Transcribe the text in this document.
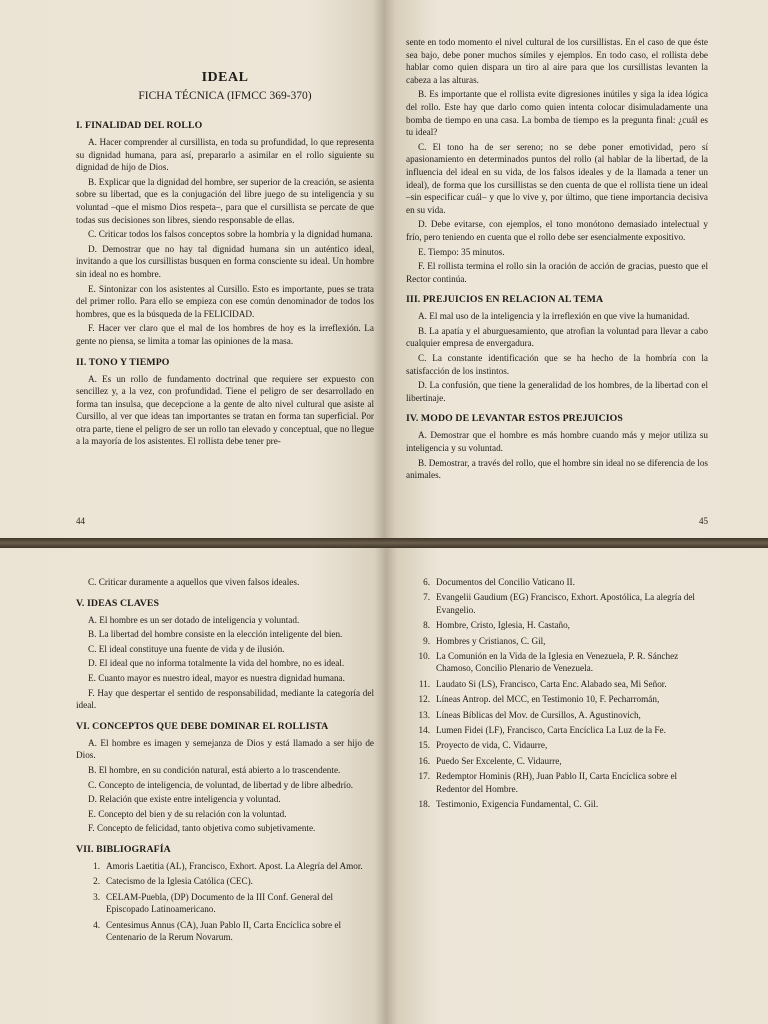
IDEAL
FICHA TÉCNICA (IFMCC 369-370)
I. FINALIDAD DEL ROLLO

A. Hacer comprender al cursillista, en toda su profundidad, lo que representa su dignidad humana, para así, prepararlo a asimilar en el rollo siguiente su dignidad de hijo de Dios.

B. Explicar que la dignidad del hombre, ser superior de la creación, se asienta sobre su libertad, que es la conjugación del libre juego de su inteligencia y su voluntad –que el mismo Dios respeta–, para que el cursillista se percate de que todas sus decisiones son libres, siendo responsable de ellas.

C. Criticar todos los falsos conceptos sobre la hombría y la dignidad humana.

D. Demostrar que no hay tal dignidad humana sin un auténtico ideal, invitando a que los cursillistas busquen en forma consciente su ideal. Un hombre sin ideal no es hombre.

E. Sintonizar con los asistentes al Cursillo. Esto es importante, pues se trata del primer rollo. Para ello se empieza con ese común denominador de todos los hombres, que es la búsqueda de la FELICIDAD.

F. Hacer ver claro que el mal de los hombres de hoy es la irreflexión. La gente no piensa, se limita a tomar las opiniones de la masa.

II. TONO Y TIEMPO

A. Es un rollo de fundamento doctrinal que requiere ser expuesto con sencillez y, a la vez, con profundidad. Tiene el peligro de ser desarrollado en forma tan insulsa, que decepcione a la gente de alto nivel cultural que asiste al Cursillo, al ver que ideas tan importantes se tratan en forma tan superficial. Por otra parte, tiene el peligro de ser un rollo tan elevado y conceptual, que no llegue a la mayoría de los asistentes. El rollista debe tener pre-

44

sente en todo momento el nivel cultural de los cursillistas. En el caso de que éste sea bajo, debe poner muchos símiles y ejemplos. En todo caso, el rollista debe hablar como quien dispara un tiro al aire para que los cursillistas levanten la cabeza a las alturas.

B. Es importante que el rollista evite digresiones inútiles y siga la idea lógica del rollo. Este hay que darlo como quien intenta colocar disimuladamente una bomba de tiempo en una casa. La bomba de tiempo es la pregunta final: ¿cuál es tu ideal?

C. El tono ha de ser sereno; no se debe poner emotividad, pero sí apasionamiento en determinados puntos del rollo (al hablar de la libertad, de la influencia del ideal en su vida, de los falsos ideales y de la llamada a tener un ideal), de forma que los cursillistas se den cuenta de que el rollista tiene un ideal –sin especificar cuál– y que lo vive y, por último, que tiene importancia decisiva en su vida.

D. Debe evitarse, con ejemplos, el tono monótono demasiado intelectual y frío, pero teniendo en cuenta que el rollo debe ser esencialmente expositivo.

E. Tiempo: 35 minutos.

F. El rollista termina el rollo sin la oración de acción de gracias, puesto que el Rector continúa.

III. PREJUICIOS EN RELACION AL TEMA

A. El mal uso de la inteligencia y la irreflexión en que vive la humanidad.

B. La apatía y el aburguesamiento, que atrofian la voluntad para llevar a cabo cualquier empresa de envergadura.

C. La constante identificación que se ha hecho de la hombría con la satisfacción de los instintos.

D. La confusión, que tiene la generalidad de los hombres, de la libertad con el libertinaje.

IV. MODO DE LEVANTAR ESTOS PREJUICIOS

A. Demostrar que el hombre es más hombre cuando más y mejor utiliza su inteligencia y su voluntad.

B. Demostrar, a través del rollo, que el hombre sin ideal no se diferencia de los animales.

45

C. Criticar duramente a aquellos que viven falsos ideales.

V. IDEAS CLAVES

A. El hombre es un ser dotado de inteligencia y voluntad.

B. La libertad del hombre consiste en la elección inteligente del bien.

C. El ideal constituye una fuente de vida y de ilusión.

D. El ideal que no informa totalmente la vida del hombre, no es ideal.

E. Cuanto mayor es nuestro ideal, mayor es nuestra dignidad humana.

F. Hay que despertar el sentido de responsabilidad, mediante la categoría del ideal.

VI. CONCEPTOS QUE DEBE DOMINAR EL ROLLISTA

A. El hombre es imagen y semejanza de Dios y está llamado a ser hijo de Dios.

B. El hombre, en su condición natural, está abierto a lo trascendente.

C. Concepto de inteligencia, de voluntad, de libertad y de libre albedrío.

D. Relación que existe entre inteligencia y voluntad.

E. Concepto del bien y de su relación con la voluntad.

F. Concepto de felicidad, tanto objetiva como subjetivamente.

VII. BIBLIOGRAFÍA
1. Amoris Laetitia (AL), Francisco, Exhort. Apost. La Alegría del Amor.
2. Catecismo de la Iglesia Católica (CEC).
3. CELAM-Puebla, (DP) Documento de la III Conf. General del Episcopado Latinoamericano.
4. Centesimus Annus (CA), Juan Pablo II, Carta Encíclica sobre el Centenario de la Rerum Novarum.
6. Documentos del Concilio Vaticano II.
7. Evangelii Gaudium (EG) Francisco, Exhort. Apostólica, La alegría del Evangelio.
8. Hombre, Cristo, Iglesia, H. Castaño,
9. Hombres y Cristianos, C. Gil,
10. La Comunión en la Vida de la Iglesia en Venezuela, P. R. Sánchez Chamoso, Concilio Plenario de Venezuela.
11. Laudato Si (LS), Francisco, Carta Enc. Alabado sea, Mi Señor.
12. Líneas Antrop. del MCC, en Testimonio 10, F. Pecharromán,
13. Líneas Bíblicas del Mov. de Cursillos, A. Agustinovich,
14. Lumen Fidei (LF), Francisco, Carta Encíclica La Luz de la Fe.
15. Proyecto de vida, C. Vidaurre,
16. Puedo Ser Excelente, C. Vidaurre,
17. Redemptor Hominis (RH), Juan Pablo II, Carta Encíclica sobre el Redentor del Hombre.
18. Testimonio, Exigencia Fundamental, C. Gil.
